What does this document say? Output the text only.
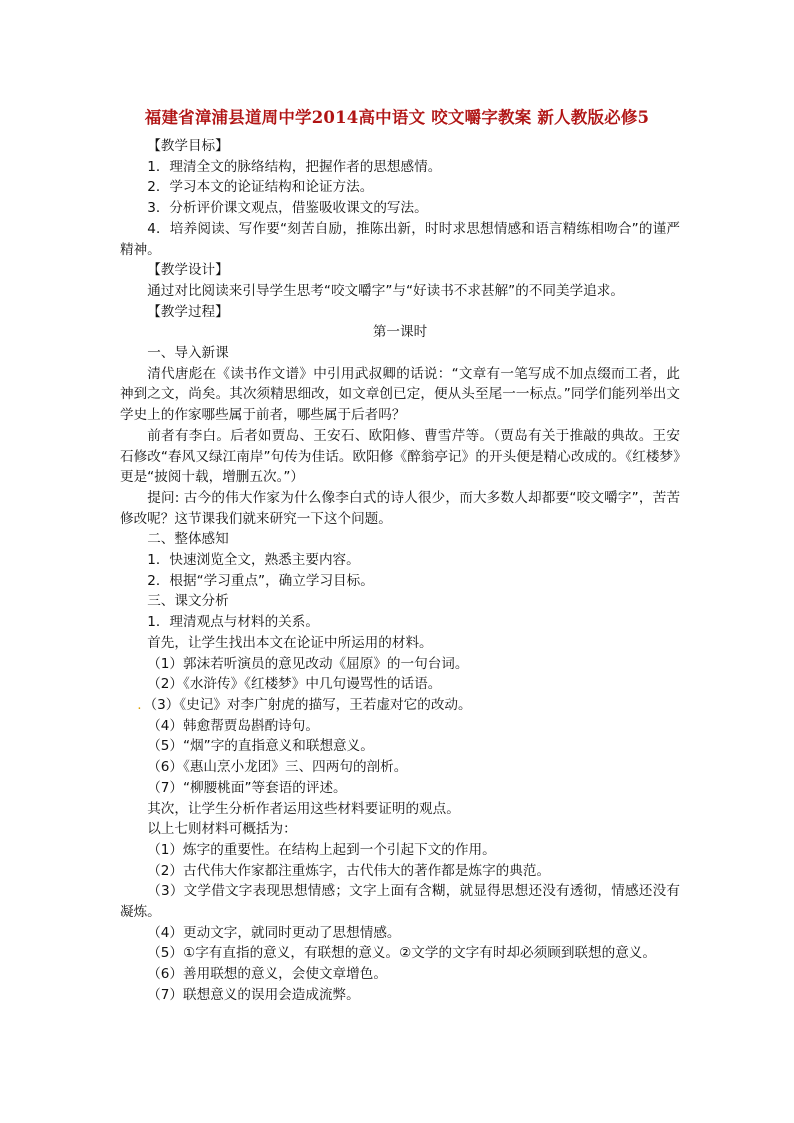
福建省漳浦县道周中学2014高中语文 咬文嚼字教案 新人教版必修5

【教学目标】

1．理清全文的脉络结构，把握作者的思想感情。

2．学习本文的论证结构和论证方法。

3．分析评价课文观点，借鉴吸收课文的写法。

4．培养阅读、写作要“刻苦自励，推陈出新，时时求思想情感和语言精练相吻合”的谨严精神。

【教学设计】

通过对比阅读来引导学生思考“咬文嚼字”与“好读书不求甚解”的不同美学追求。

【教学过程】

第一课时

一、导入新课

清代唐彪在《读书作文谱》中引用武叔卿的话说：“文章有一笔写成不加点缀而工者，此神到之文，尚矣。其次须精思细改，如文章创已定，便从头至尾一一标点。”同学们能列举出文学史上的作家哪些属于前者，哪些属于后者吗？

前者有李白。后者如贾岛、王安石、欧阳修、曹雪芹等。（贾岛有关于推敲的典故。王安石修改“春风又绿江南岸”句传为佳话。欧阳修《醉翁亭记》的开头便是精心改成的。《红楼梦》更是“披阅十载，增删五次。”）

提问: 古今的伟大作家为什么像李白式的诗人很少，而大多数人却都要“咬文嚼字”，苦苦修改呢？这节课我们就来研究一下这个问题。

二、整体感知

1．快速浏览全文，熟悉主要内容。

2．根据“学习重点”，确立学习目标。

三、课文分析

1．理清观点与材料的关系。

首先，让学生找出本文在论证中所运用的材料。

（1）郭沫若听演员的意见改动《屈原》的一句台词。

（2）《水浒传》《红楼梦》中几句谩骂性的话语。

. （3）《史记》对李广射虎的描写，王若虚对它的改动。

（4）韩愈帮贾岛斟酌诗句。

（5）“烟”字的直指意义和联想意义。

（6）《惠山烹小龙团》三、四两句的剖析。

（7）“柳腰桃面”等套语的评述。

其次，让学生分析作者运用这些材料要证明的观点。

以上七则材料可概括为：

（1）炼字的重要性。在结构上起到一个引起下文的作用。

（2）古代伟大作家都注重炼字，古代伟大的著作都是炼字的典范。

（3）文学借文字表现思想情感；文字上面有含糊，就显得思想还没有透彻，情感还没有凝炼。

（4）更动文字，就同时更动了思想情感。

（5）①字有直指的意义，有联想的意义。②文学的文字有时却必须顾到联想的意义。

（6）善用联想的意义，会使文章增色。

（7）联想意义的误用会造成流弊。
